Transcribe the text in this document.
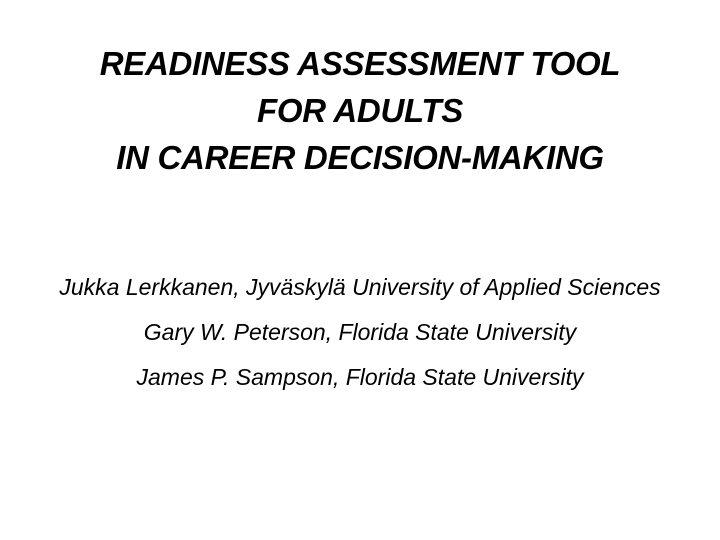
READINESS ASSESSMENT TOOL
FOR ADULTS
IN CAREER DECISION-MAKING
Jukka Lerkkanen, Jyväskylä University of Applied Sciences
Gary W. Peterson, Florida State University
James P. Sampson, Florida State University
